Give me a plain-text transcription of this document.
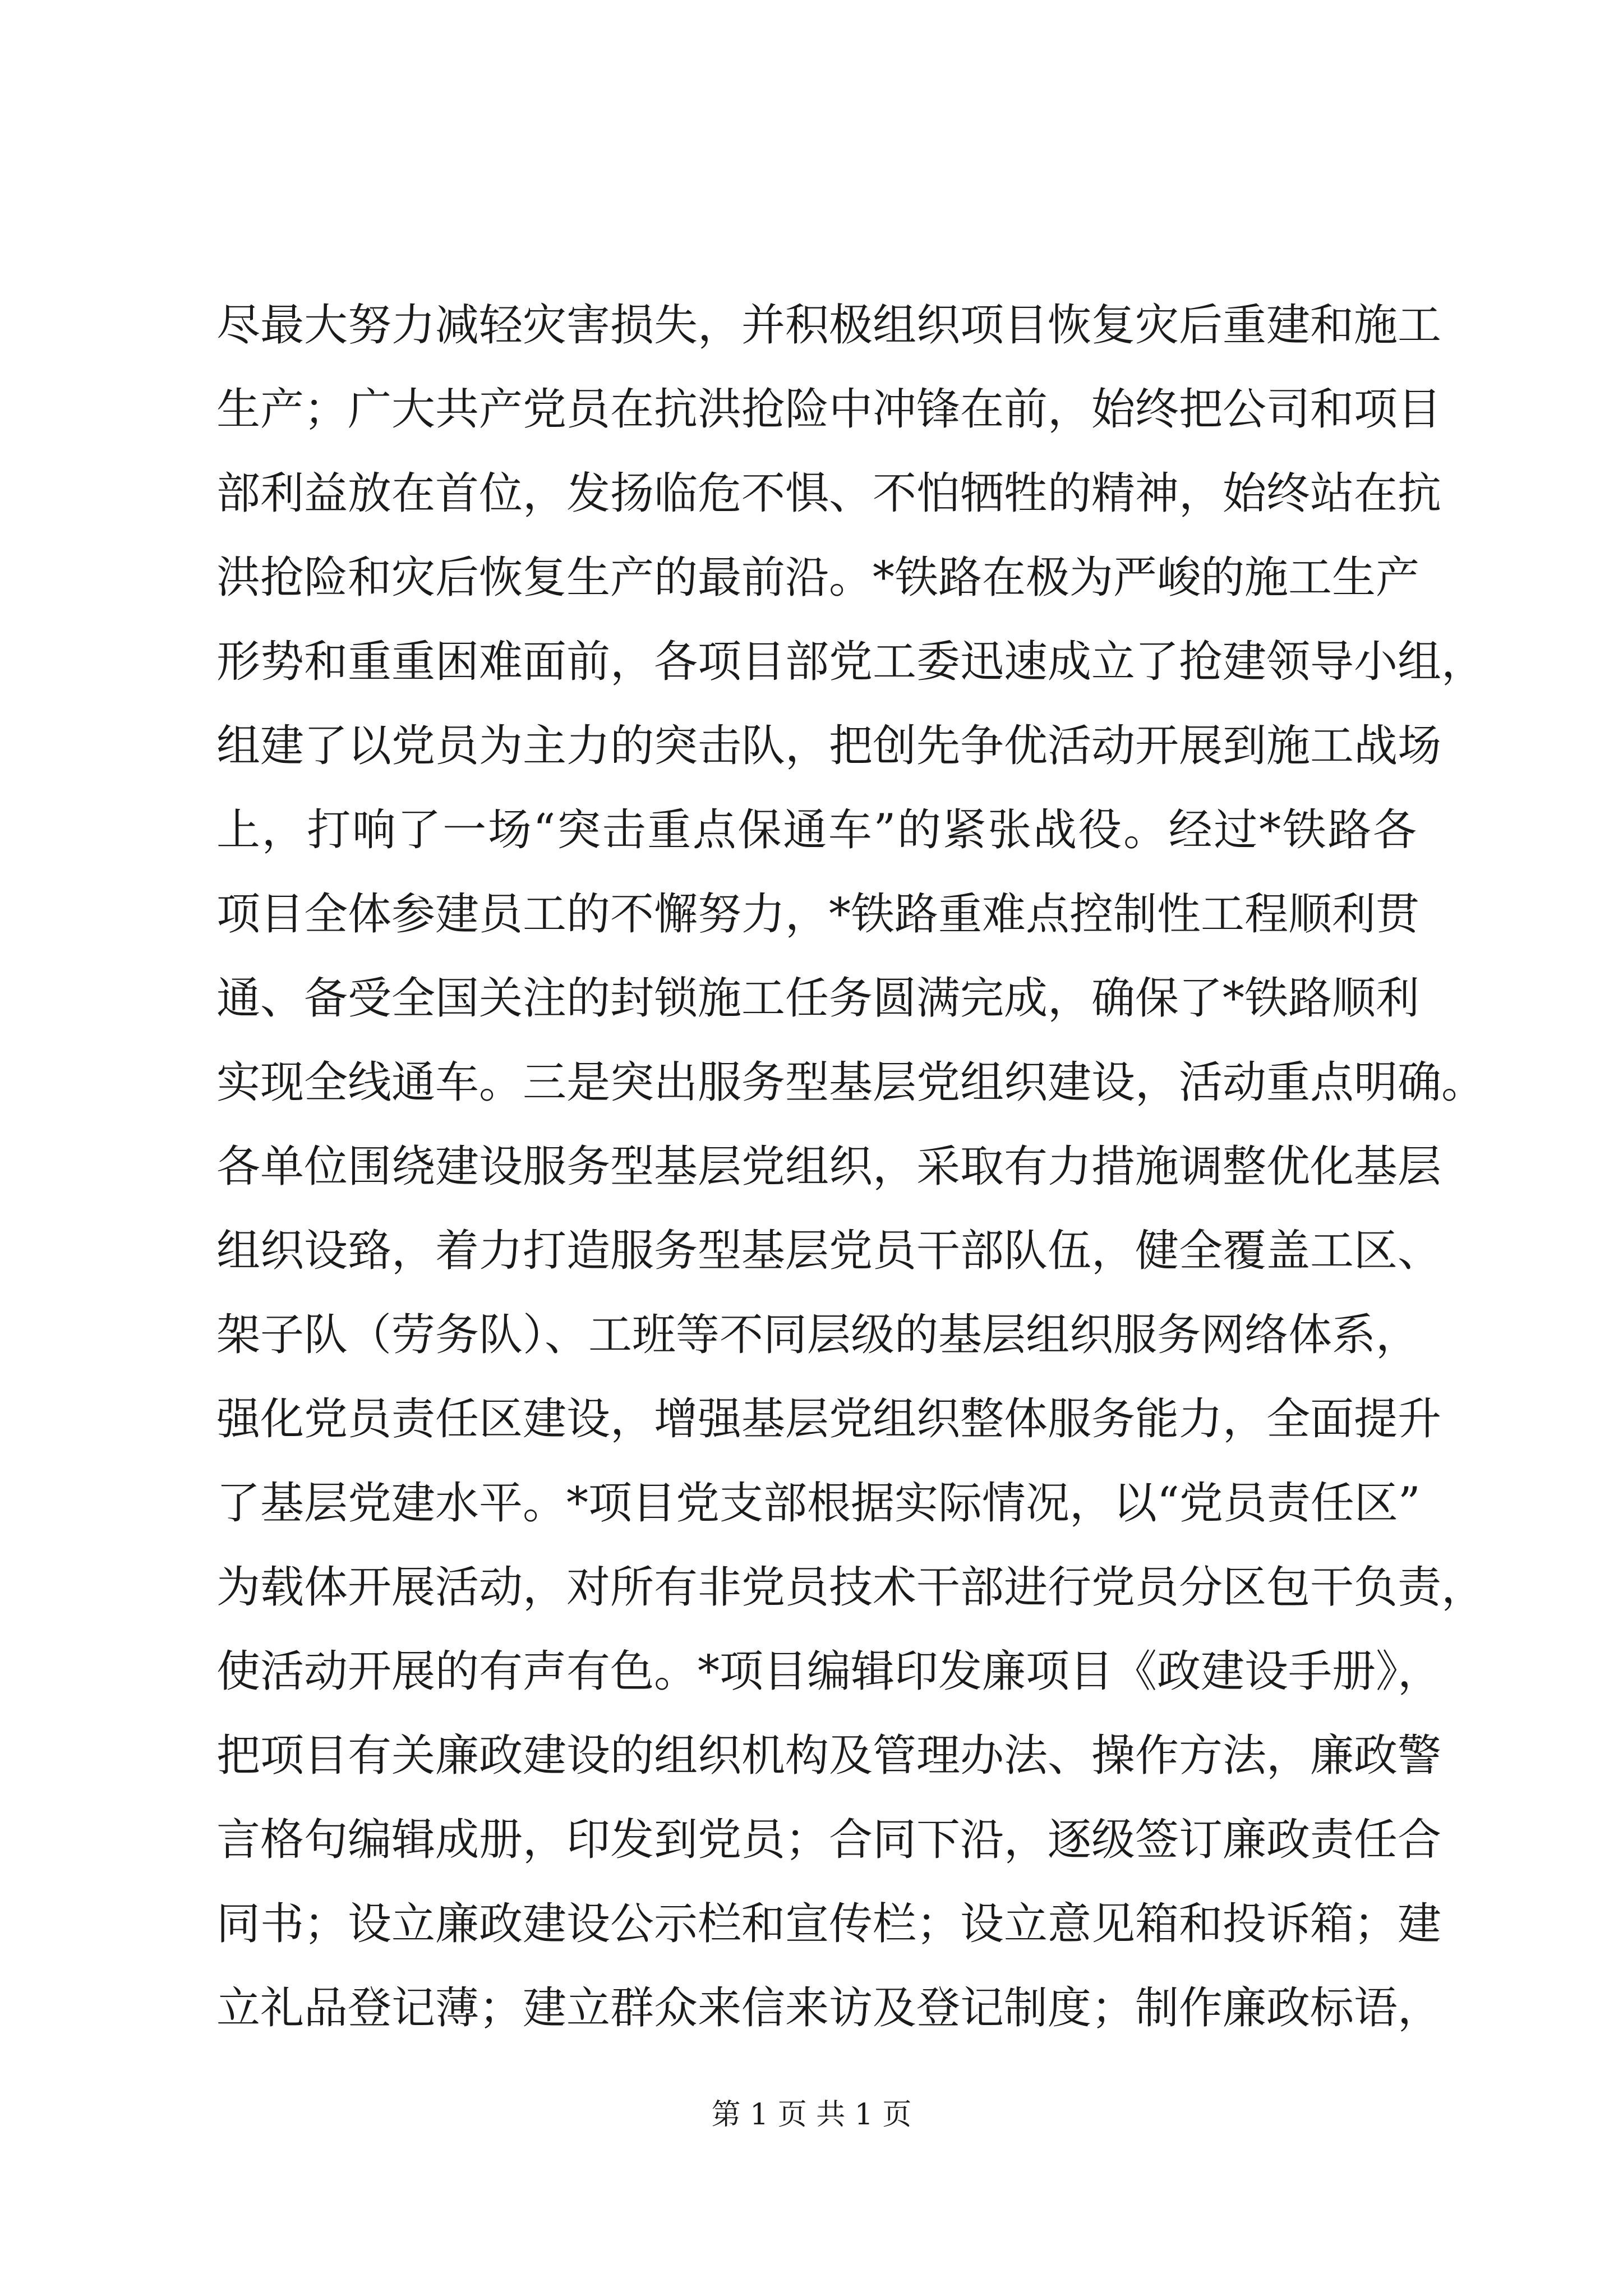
尽最大努力减轻灾害损失，并积极组织项目恢复灾后重建和施工
生产；广大共产党员在抗洪抢险中冲锋在前，始终把公司和项目
部利益放在首位，发扬临危不惧、不怕牺牲的精神，始终站在抗
洪抢险和灾后恢复生产的最前沿。*铁路在极为严峻的施工生产
形势和重重困难面前，各项目部党工委迅速成立了抢建领导小组，
组建了以党员为主力的突击队，把创先争优活动开展到施工战场
上，打响了一场“突击重点保通车”的紧张战役。经过*铁路各
项目全体参建员工的不懈努力，*铁路重难点控制性工程顺利贯
通、备受全国关注的封锁施工任务圆满完成，确保了*铁路顺利
实现全线通车。三是突出服务型基层党组织建设，活动重点明确。
各单位围绕建设服务型基层党组织，采取有力措施调整优化基层
组织设臵，着力打造服务型基层党员干部队伍，健全覆盖工区、
架子队（劳务队）、工班等不同层级的基层组织服务网络体系，
强化党员责任区建设，增强基层党组织整体服务能力，全面提升
了基层党建水平。*项目党支部根据实际情况，以“党员责任区”
为载体开展活动，对所有非党员技术干部进行党员分区包干负责，
使活动开展的有声有色。*项目编辑印发廉项目《政建设手册》，
把项目有关廉政建设的组织机构及管理办法、操作方法，廉政警
言格句编辑成册，印发到党员；合同下沿，逐级签订廉政责任合
同书；设立廉政建设公示栏和宣传栏；设立意见箱和投诉箱；建
立礼品登记薄；建立群众来信来访及登记制度；制作廉政标语，
第 1 页 共 1 页
